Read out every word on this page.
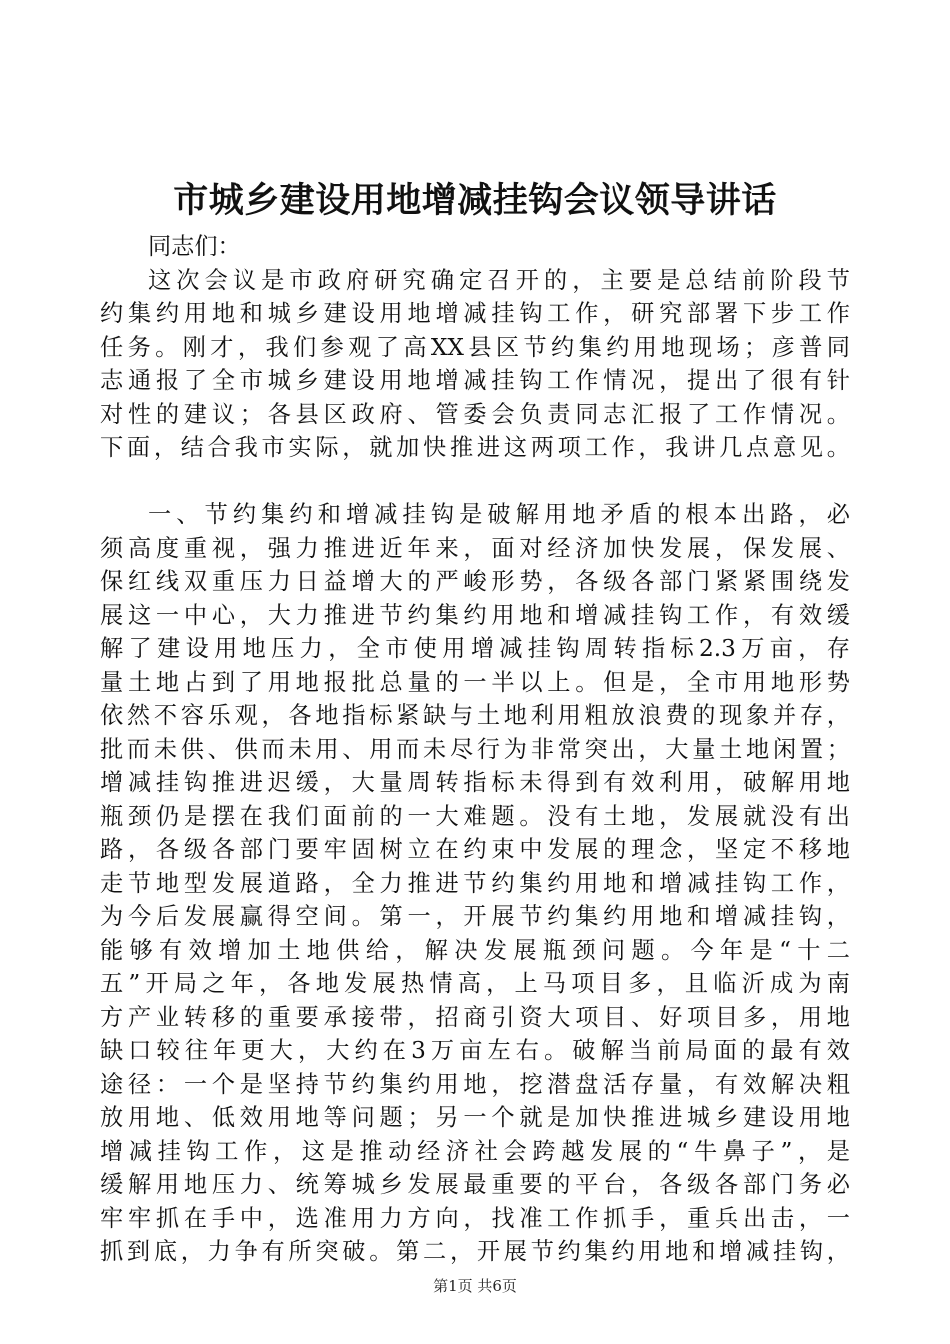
市城乡建设用地增减挂钩会议领导讲话
同志们：
这次会议是市政府研究确定召开的，主要是总结前阶段节
约集约用地和城乡建设用地增减挂钩工作，研究部署下步工作
任务。刚才，我们参观了高XX县区节约集约用地现场；彦普同
志通报了全市城乡建设用地增减挂钩工作情况，提出了很有针
对性的建议；各县区政府、管委会负责同志汇报了工作情况。
下面，结合我市实际，就加快推进这两项工作，我讲几点意见。
一、节约集约和增减挂钩是破解用地矛盾的根本出路，必
须高度重视，强力推进近年来，面对经济加快发展，保发展、
保红线双重压力日益增大的严峻形势，各级各部门紧紧围绕发
展这一中心，大力推进节约集约用地和增减挂钩工作，有效缓
解了建设用地压力，全市使用增减挂钩周转指标2.3万亩，存
量土地占到了用地报批总量的一半以上。但是，全市用地形势
依然不容乐观，各地指标紧缺与土地利用粗放浪费的现象并存，
批而未供、供而未用、用而未尽行为非常突出，大量土地闲置；
增减挂钩推进迟缓，大量周转指标未得到有效利用，破解用地
瓶颈仍是摆在我们面前的一大难题。没有土地，发展就没有出
路，各级各部门要牢固树立在约束中发展的理念，坚定不移地
走节地型发展道路，全力推进节约集约用地和增减挂钩工作，
为今后发展赢得空间。第一，开展节约集约用地和增减挂钩，
能够有效增加土地供给，解决发展瓶颈问题。今年是“十二
五”开局之年，各地发展热情高，上马项目多，且临沂成为南
方产业转移的重要承接带，招商引资大项目、好项目多，用地
缺口较往年更大，大约在3万亩左右。破解当前局面的最有效
途径：一个是坚持节约集约用地，挖潜盘活存量，有效解决粗
放用地、低效用地等问题；另一个就是加快推进城乡建设用地
增减挂钩工作，这是推动经济社会跨越发展的“牛鼻子”，是
缓解用地压力、统筹城乡发展最重要的平台，各级各部门务必
牢牢抓在手中，选准用力方向，找准工作抓手，重兵出击，一
抓到底，力争有所突破。第二，开展节约集约用地和增减挂钩，
第1页 共6页
